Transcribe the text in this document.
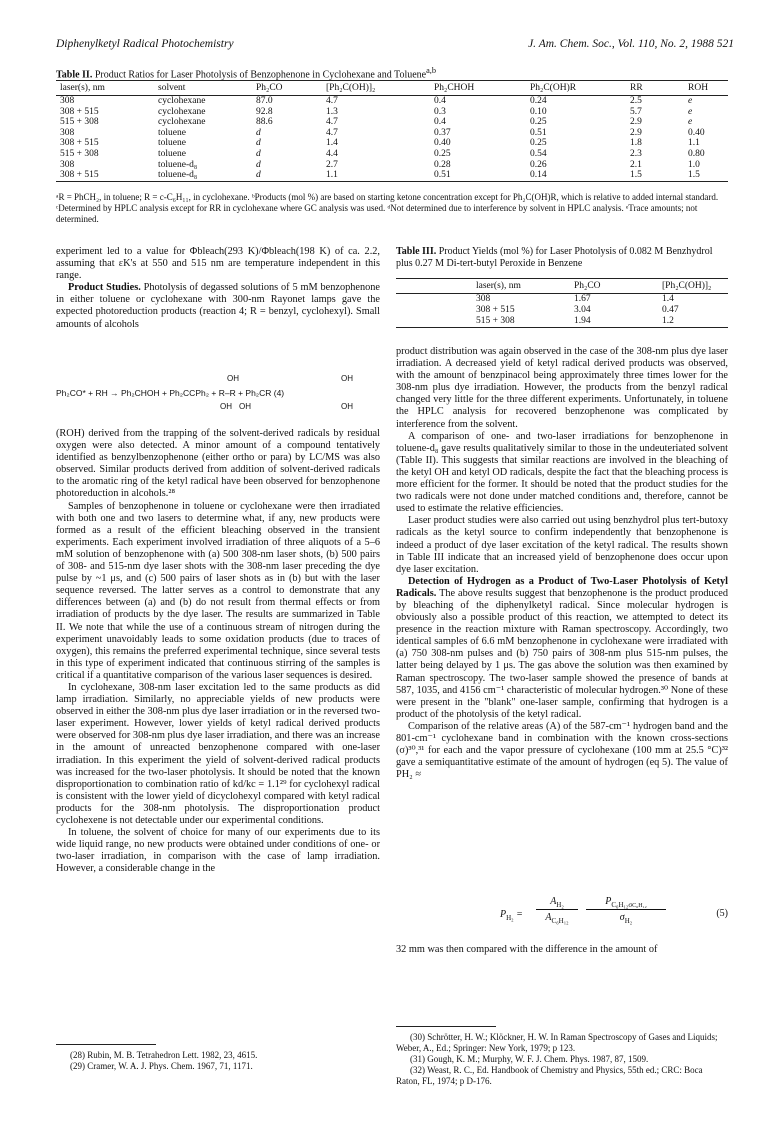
Diphenylketyl Radical Photochemistry	J. Am. Chem. Soc., Vol. 110, No. 2, 1988 521
Table II. Product Ratios for Laser Photolysis of Benzophenone in Cyclohexane and Toluene$^{a,b}$
laser(s), nm	solvent	Ph₂CO	[Ph₂C(OH)]₂	Ph₂CHOH	Ph₂C(OH)R	RR	ROH
308	cyclohexane	87.0	4.7	0.4	0.24	2.5	e
308 + 515	cyclohexane	92.8	1.3	0.3	0.10	5.7	e
515 + 308	cyclohexane	88.6	4.7	0.4	0.25	2.9	e
308	toluene	d	4.7	0.37	0.51	2.9	0.40
308 + 515	toluene	d	1.4	0.40	0.25	1.8	1.1
515 + 308	toluene	d	4.4	0.25	0.54	2.3	0.80
308	toluene-d₈	d	2.7	0.28	0.26	2.1	1.0
308 + 515	toluene-d₈	d	1.1	0.51	0.14	1.5	1.5
ᵃR = PhCH₂, in toluene; R = c-C₆H₁₁, in cyclohexane. ᵇProducts (mol %) are based on starting ketone concentration except for Ph₂C(OH)R, which is relative to added internal standard. ᶜDetermined by HPLC analysis except for RR in cyclohexane where GC analysis was used. ᵈNot determined due to interference by solvent in HPLC analysis. ᵉTrace amounts; not determined.

experiment led to a value for Φbleach(293 K)/Φbleach(198 K) of ca. 2.2, assuming that εK's at 550 and 515 nm are temperature independent in this range.

Product Studies. Photolysis of degassed solutions of 5 mM benzophenone in either toluene or cyclohexane with 300-nm Rayonet lamps gave the expected photoreduction products (reaction 4; R = benzyl, cyclohexyl). Small amounts of alcohols

OH	OH
Ph₂CO* + RH → Ph₂CHOH + Ph₂CCPh₂ + R–R + Ph₂CR (4)
OH OH	OH

(ROH) derived from the trapping of the solvent-derived radicals by residual oxygen were also detected. A minor amount of a compound tentatively identified as benzylbenzophenone (either ortho or para) by LC/MS was also observed. Similar products derived from addition of solvent-derived radicals to the aromatic ring of the ketyl radical have been observed for benzophenone photoreduction in alcohols.²⁸

Samples of benzophenone in toluene or cyclohexane were then irradiated with both one and two lasers to determine what, if any, new products were formed as a result of the efficient bleaching observed in the transient experiments. Each experiment involved irradiation of three aliquots of a 5–6 mM solution of benzophenone with (a) 500 308-nm laser shots, (b) 500 pairs of 308- and 515-nm dye laser shots with the 308-nm laser preceding the dye pulse by ~1 μs, and (c) 500 pairs of laser shots as in (b) but with the laser sequence reversed. The latter serves as a control to demonstrate that any differences between (a) and (b) do not result from thermal effects or from irradiation of products by the dye laser. The results are summarized in Table II. We note that while the use of a continuous stream of nitrogen during the experiment unavoidably leads to some oxidation products (due to traces of oxygen), this remains the preferred experimental technique, since several tests in this type of experiment indicated that continuous stirring of the samples is critical if a quantitative comparison of the various laser sequences is desired.

In cyclohexane, 308-nm laser excitation led to the same products as did lamp irradiation. Similarly, no appreciable yields of new products were observed in either the 308-nm plus dye laser irradiation or in the reversed two-laser experiment. However, lower yields of ketyl radical derived products were observed for 308-nm plus dye laser irradiation, and there was an increase in the amount of unreacted benzophenone compared with one-laser irradiation. In this experiment the yield of solvent-derived radical products was increased for the two-laser photolysis. It should be noted that the known disproportionation to combination ratio of kd/kc = 1.1²⁹ for cyclohexyl radical is consistent with the lower yield of dicyclohexyl compared with ketyl radical products for the 308-nm photolysis. The disproportionation product cyclohexene is not detectable under our experimental conditions.

In toluene, the solvent of choice for many of our experiments due to its wide liquid range, no new products were obtained under conditions of one- or two-laser irradiation, in comparison with the case of lamp irradiation. However, a considerable change in the

(28) Rubin, M. B. Tetrahedron Lett. 1982, 23, 4615.
(29) Cramer, W. A. J. Phys. Chem. 1967, 71, 1171.
Table III. Product Yields (mol %) for Laser Photolysis of 0.082 M Benzhydrol plus 0.27 M Di-tert-butyl Peroxide in Benzene
laser(s), nm	Ph₂CO	[Ph₂C(OH)]₂
308	1.67	1.4
308 + 515	3.04	0.47
515 + 308	1.94	1.2

product distribution was again observed in the case of the 308-nm plus dye laser irradiation. A decreased yield of ketyl radical derived products was observed, with the amount of benzpinacol being approximately three times lower for the 308-nm plus dye irradiation. However, the products from the benzyl radical changed very little for the three different experiments. Unfortunately, in toluene the HPLC analysis for recovered benzophenone was complicated by interference from the solvent.

A comparison of one- and two-laser irradiations for benzophenone in toluene-d₈ gave results qualitatively similar to those in the undeuteriated solvent (Table II). This suggests that similar reactions are involved in the bleaching of the ketyl OH and ketyl OD radicals, despite the fact that the bleaching process is more efficient for the former. It should be noted that the product studies for the two radicals were not done under matched conditions and, therefore, cannot be used to estimate the relative efficiencies.

Laser product studies were also carried out using benzhydrol plus tert-butoxy radicals as the ketyl source to confirm independently that benzophenone is indeed a product of dye laser excitation of the ketyl radical. The results shown in Table III indicate that an increased yield of benzophenone does occur upon dye laser excitation.

Detection of Hydrogen as a Product of Two-Laser Photolysis of Ketyl Radicals. The above results suggest that benzophenone is the product produced by bleaching of the diphenylketyl radical. Since molecular hydrogen is obviously also a possible product of this reaction, we attempted to detect its presence in the reaction mixture with Raman spectroscopy. Accordingly, two identical samples of 6.6 mM benzophenone in cyclohexane were irradiated with (a) 750 308-nm pulses and (b) 750 pairs of 308-nm plus 515-nm pulses, the latter being delayed by 1 μs. The gas above the solution was then examined by Raman spectroscopy. The two-laser sample showed the presence of bands at 587, 1035, and 4156 cm⁻¹ characteristic of molecular hydrogen.³⁰ None of these were present in the "blank" one-laser sample, confirming that hydrogen is a product of the photolysis of the ketyl radical.

Comparison of the relative areas (A) of the 587-cm⁻¹ hydrogen band and the 801-cm⁻¹ cyclohexane band in combination with the known cross-sections (σ)³⁰,³¹ for each and the vapor pressure of cyclohexane (100 mm at 25.5 °C)³² gave a semiquantitative estimate of the amount of hydrogen (eq 5). The value of PH₂ ≈

$P_{H_2}$ =
$A_{H_2}$
$A_{C_6H_{12}}$
$P_{C_6H_{12}\sigma C_6H_{12}}$
$\sigma_{H_2}$
(5)

32 mm was then compared with the difference in the amount of

(30) Schrötter, H. W.; Klöckner, H. W. In Raman Spectroscopy of Gases and Liquids; Weber, A., Ed.; Springer: New York, 1979; p 123.
(31) Gough, K. M.; Murphy, W. F. J. Chem. Phys. 1987, 87, 1509.
(32) Weast, R. C., Ed. Handbook of Chemistry and Physics, 55th ed.; CRC: Boca Raton, FL, 1974; p D-176.
